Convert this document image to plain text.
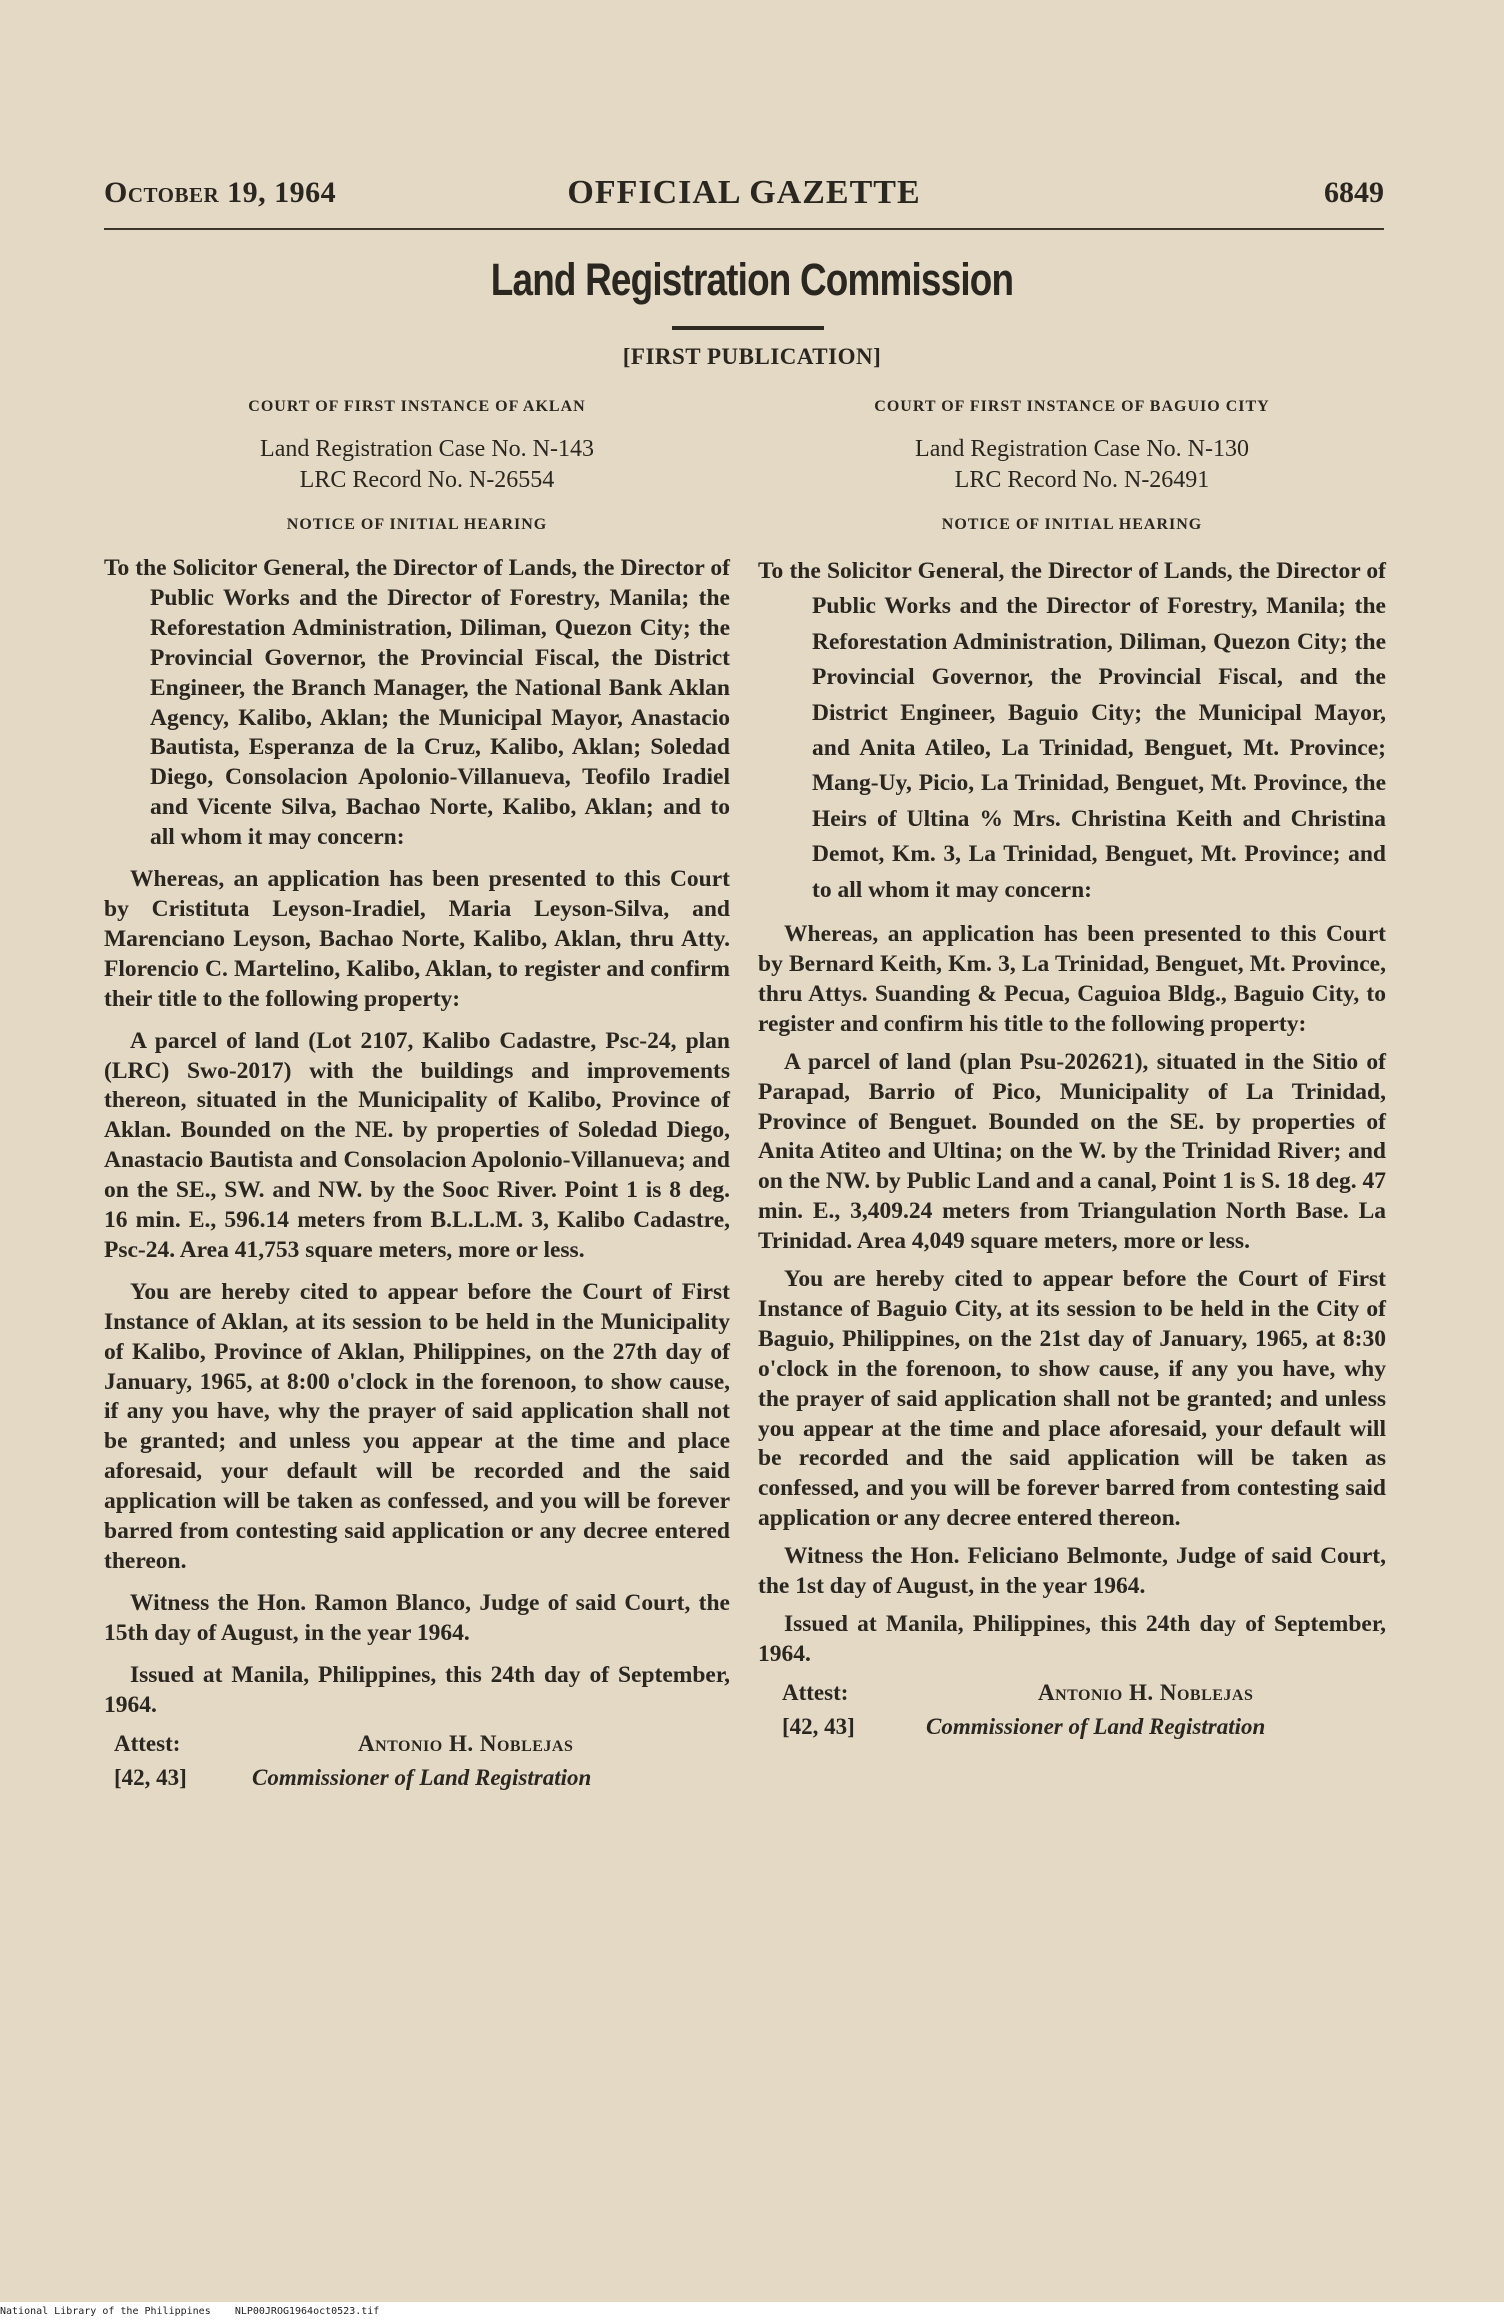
October 19, 1964	OFFICIAL GAZETTE	6849
Land Registration Commission
[FIRST PUBLICATION]
COURT OF FIRST INSTANCE OF AKLAN
Land Registration Case No. N-143
LRC Record No. N-26554
NOTICE OF INITIAL HEARING

To the Solicitor General, the Director of Lands, the Director of Public Works and the Director of Forestry, Manila; the Reforestation Administration, Diliman, Quezon City; the Provincial Governor, the Provincial Fiscal, the District Engineer, the Branch Manager, the National Bank Aklan Agency, Kalibo, Aklan; the Municipal Mayor, Anastacio Bautista, Esperanza de la Cruz, Kalibo, Aklan; Soledad Diego, Consolacion Apolonio-Villanueva, Teofilo Iradiel and Vicente Silva, Bachao Norte, Kalibo, Aklan; and to all whom it may concern:

Whereas, an application has been presented to this Court by Cristituta Leyson-Iradiel, Maria Leyson-Silva, and Marenciano Leyson, Bachao Norte, Kalibo, Aklan, thru Atty. Florencio C. Martelino, Kalibo, Aklan, to register and confirm their title to the following property:

A parcel of land (Lot 2107, Kalibo Cadastre, Psc-24, plan (LRC) Swo-2017) with the buildings and improvements thereon, situated in the Municipality of Kalibo, Province of Aklan. Bounded on the NE. by properties of Soledad Diego, Anastacio Bautista and Consolacion Apolonio-Villanueva; and on the SE., SW. and NW. by the Sooc River. Point 1 is 8 deg. 16 min. E., 596.14 meters from B.L.L.M. 3, Kalibo Cadastre, Psc-24. Area 41,753 square meters, more or less.

You are hereby cited to appear before the Court of First Instance of Aklan, at its session to be held in the Municipality of Kalibo, Province of Aklan, Philippines, on the 27th day of January, 1965, at 8:00 o'clock in the forenoon, to show cause, if any you have, why the prayer of said application shall not be granted; and unless you appear at the time and place aforesaid, your default will be recorded and the said application will be taken as confessed, and you will be forever barred from contesting said application or any decree entered thereon.

Witness the Hon. Ramon Blanco, Judge of said Court, the 15th day of August, in the year 1964.

Issued at Manila, Philippines, this 24th day of September, 1964.

Attest:	Antonio H. Noblejas
[42, 43]	Commissioner of Land Registration
COURT OF FIRST INSTANCE OF BAGUIO CITY
Land Registration Case No. N-130
LRC Record No. N-26491
NOTICE OF INITIAL HEARING

To the Solicitor General, the Director of Lands, the Director of Public Works and the Director of Forestry, Manila; the Reforestation Administration, Diliman, Quezon City; the Provincial Governor, the Provincial Fiscal, and the District Engineer, Baguio City; the Municipal Mayor, and Anita Atileo, La Trinidad, Benguet, Mt. Province; Mang-Uy, Picio, La Trinidad, Benguet, Mt. Province, the Heirs of Ultina % Mrs. Christina Keith and Christina Demot, Km. 3, La Trinidad, Benguet, Mt. Province; and to all whom it may concern:

Whereas, an application has been presented to this Court by Bernard Keith, Km. 3, La Trinidad, Benguet, Mt. Province, thru Attys. Suanding & Pecua, Caguioa Bldg., Baguio City, to register and confirm his title to the following property:

A parcel of land (plan Psu-202621), situated in the Sitio of Parapad, Barrio of Pico, Municipality of La Trinidad, Province of Benguet. Bounded on the SE. by properties of Anita Atiteo and Ultina; on the W. by the Trinidad River; and on the NW. by Public Land and a canal, Point 1 is S. 18 deg. 47 min. E., 3,409.24 meters from Triangulation North Base. La Trinidad. Area 4,049 square meters, more or less.

You are hereby cited to appear before the Court of First Instance of Baguio City, at its session to be held in the City of Baguio, Philippines, on the 21st day of January, 1965, at 8:30 o'clock in the forenoon, to show cause, if any you have, why the prayer of said application shall not be granted; and unless you appear at the time and place aforesaid, your default will be recorded and the said application will be taken as confessed, and you will be forever barred from contesting said application or any decree entered thereon.

Witness the Hon. Feliciano Belmonte, Judge of said Court, the 1st day of August, in the year 1964.

Issued at Manila, Philippines, this 24th day of September, 1964.

Attest:	Antonio H. Noblejas
[42, 43]	Commissioner of Land Registration
National Library of the Philippines NLP00JROG1964oct0523.tif
